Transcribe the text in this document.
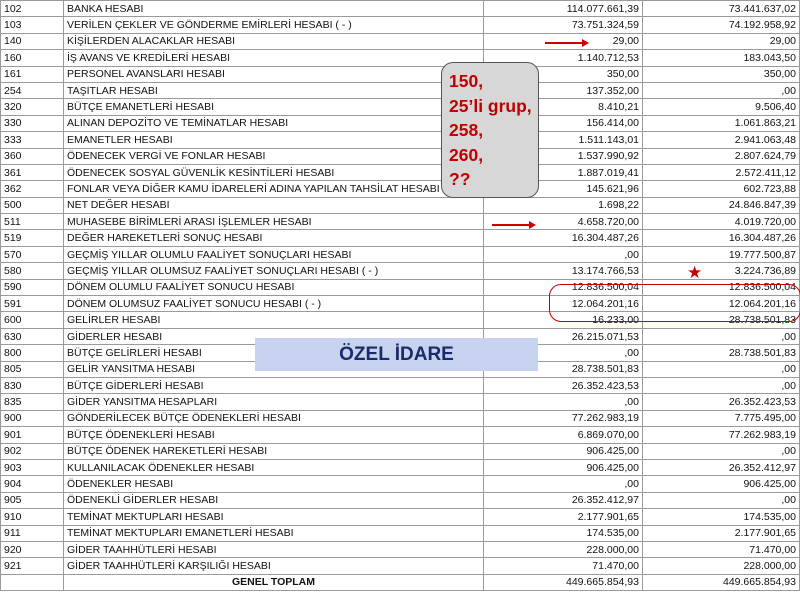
102	BANKA HESABI	114.077.661,39	73.441.637,02
103	VERİLEN ÇEKLER VE GÖNDERME EMİRLERİ HESABI ( - )	73.751.324,59	74.192.958,92
140	KİŞİLERDEN ALACAKLAR HESABI	29,00	29,00
160	İŞ AVANS VE KREDİLERİ HESABI	1.140.712,53	183.043,50
161	PERSONEL AVANSLARI HESABI	350,00	350,00
254	TAŞITLAR HESABI	137.352,00	,00
320	BÜTÇE EMANETLERİ HESABI	8.410,21	9.506,40
330	ALINAN DEPOZİTO VE TEMİNATLAR HESABI	156.414,00	1.061.863,21
333	EMANETLER HESABI	1.511.143,01	2.941.063,48
360	ÖDENECEK VERGİ VE FONLAR HESABI	1.537.990,92	2.807.624,79
361	ÖDENECEK SOSYAL GÜVENLİK KESİNTİLERİ HESABI	1.887.019,41	2.572.411,12
362	FONLAR VEYA DİĞER KAMU İDARELERİ ADINA YAPILAN TAHSİLAT HESABI	145.621,96	602.723,88
500	NET DEĞER HESABI	1.698,22	24.846.847,39
511	MUHASEBE BİRİMLERİ ARASI İŞLEMLER HESABI	4.658.720,00	4.019.720,00
519	DEĞER HAREKETLERİ SONUÇ HESABI	16.304.487,26	16.304.487,26
570	GEÇMİŞ YILLAR OLUMLU FAALİYET SONUÇLARI HESABI	,00	19.777.500,87
580	GEÇMİŞ YILLAR OLUMSUZ FAALİYET SONUÇLARI HESABI ( - )	13.174.766,53	3.224.736,89
590	DÖNEM OLUMLU FAALİYET SONUCU HESABI	12.836.500,04	12.836.500,04
591	DÖNEM OLUMSUZ FAALİYET SONUCU HESABI ( - )	12.064.201,16	12.064.201,16
600	GELİRLER HESABI	16.233,00	28.738.501,83
630	GİDERLER HESABI	26.215.071,53	,00
800	BÜTÇE GELİRLERİ HESABI	,00	28.738.501,83
805	GELİR YANSITMA HESABI	28.738.501,83	,00
830	BÜTÇE GİDERLERİ HESABI	26.352.423,53	,00
835	GİDER YANSITMA HESAPLARI	,00	26.352.423,53
900	GÖNDERİLECEK BÜTÇE ÖDENEKLERİ HESABI	77.262.983,19	7.775.495,00
901	BÜTÇE ÖDENEKLERİ HESABI	6.869.070,00	77.262.983,19
902	BÜTÇE ÖDENEK HAREKETLERİ HESABI	906.425,00	,00
903	KULLANILACAK ÖDENEKLER HESABI	906.425,00	26.352.412,97
904	ÖDENEKLER HESABI	,00	906.425,00
905	ÖDENEKLİ GİDERLER HESABI	26.352.412,97	,00
910	TEMİNAT MEKTUPLARI HESABI	2.177.901,65	174.535,00
911	TEMİNAT MEKTUPLARI EMANETLERİ HESABI	174.535,00	2.177.901,65
920	GİDER TAAHHÜTLERİ HESABI	228.000,00	71.470,00
921	GİDER TAAHHÜTLERİ KARŞILIĞI HESABI	71.470,00	228.000,00
	GENEL TOPLAM	449.665.854,93	449.665.854,93
150,
25’li grup,
258,
260,
??
★
ÖZEL İDARE
